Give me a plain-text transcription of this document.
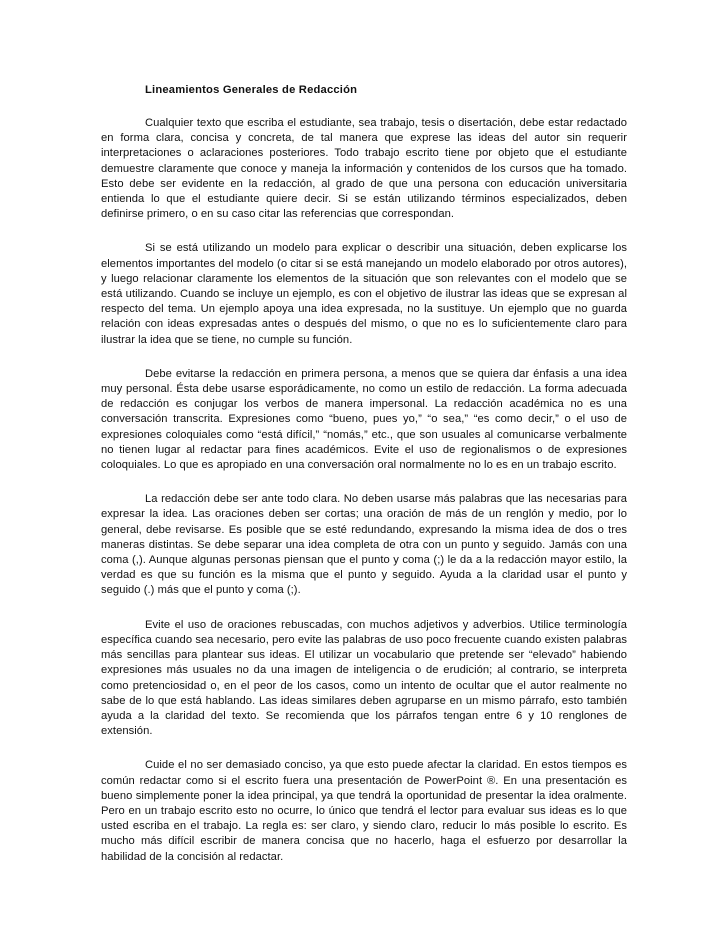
Lineamientos Generales de Redacción

Cualquier texto que escriba el estudiante, sea trabajo, tesis o disertación, debe estar redactado en forma clara, concisa y concreta, de tal manera que exprese las ideas del autor sin requerir interpretaciones o aclaraciones posteriores. Todo trabajo escrito tiene por objeto que el estudiante demuestre claramente que conoce y maneja la información y contenidos de los cursos que ha tomado. Esto debe ser evidente en la redacción, al grado de que una persona con educación universitaria entienda lo que el estudiante quiere decir. Si se están utilizando términos especializados, deben definirse primero, o en su caso citar las referencias que correspondan.

Si se está utilizando un modelo para explicar o describir una situación, deben explicarse los elementos importantes del modelo (o citar si se está manejando un modelo elaborado por otros autores), y luego relacionar claramente los elementos de la situación que son relevantes con el modelo que se está utilizando. Cuando se incluye un ejemplo, es con el objetivo de ilustrar las ideas que se expresan al respecto del tema. Un ejemplo apoya una idea expresada, no la sustituye. Un ejemplo que no guarda relación con ideas expresadas antes o después del mismo, o que no es lo suficientemente claro para ilustrar la idea que se tiene, no cumple su función.

Debe evitarse la redacción en primera persona, a menos que se quiera dar énfasis a una idea muy personal. Ésta debe usarse esporádicamente, no como un estilo de redacción. La forma adecuada de redacción es conjugar los verbos de manera impersonal. La redacción académica no es una conversación transcrita. Expresiones como “bueno, pues yo,” “o sea,” “es como decir,” o el uso de expresiones coloquiales como “está difícil,” “nomás,” etc., que son usuales al comunicarse verbalmente no tienen lugar al redactar para fines académicos. Evite el uso de regionalismos o de expresiones coloquiales. Lo que es apropiado en una conversación oral normalmente no lo es en un trabajo escrito.

La redacción debe ser ante todo clara. No deben usarse más palabras que las necesarias para expresar la idea. Las oraciones deben ser cortas; una oración de más de un renglón y medio, por lo general, debe revisarse. Es posible que se esté redundando, expresando la misma idea de dos o tres maneras distintas. Se debe separar una idea completa de otra con un punto y seguido. Jamás con una coma (,). Aunque algunas personas piensan que el punto y coma (;) le da a la redacción mayor estilo, la verdad es que su función es la misma que el punto y seguido. Ayuda a la claridad usar el punto y seguido (.) más que el punto y coma (;).

Evite el uso de oraciones rebuscadas, con muchos adjetivos y adverbios. Utilice terminología específica cuando sea necesario, pero evite las palabras de uso poco frecuente cuando existen palabras más sencillas para plantear sus ideas. El utilizar un vocabulario que pretende ser “elevado” habiendo expresiones más usuales no da una imagen de inteligencia o de erudición; al contrario, se interpreta como pretenciosidad o, en el peor de los casos, como un intento de ocultar que el autor realmente no sabe de lo que está hablando. Las ideas similares deben agruparse en un mismo párrafo, esto también ayuda a la claridad del texto. Se recomienda que los párrafos tengan entre 6 y 10 renglones de extensión.

Cuide el no ser demasiado conciso, ya que esto puede afectar la claridad. En estos tiempos es común redactar como si el escrito fuera una presentación de PowerPoint ®. En una presentación es bueno simplemente poner la idea principal, ya que tendrá la oportunidad de presentar la idea oralmente. Pero en un trabajo escrito esto no ocurre, lo único que tendrá el lector para evaluar sus ideas es lo que usted escriba en el trabajo. La regla es: ser claro, y siendo claro, reducir lo más posible lo escrito. Es mucho más difícil escribir de manera concisa que no hacerlo, haga el esfuerzo por desarrollar la habilidad de la concisión al redactar.
